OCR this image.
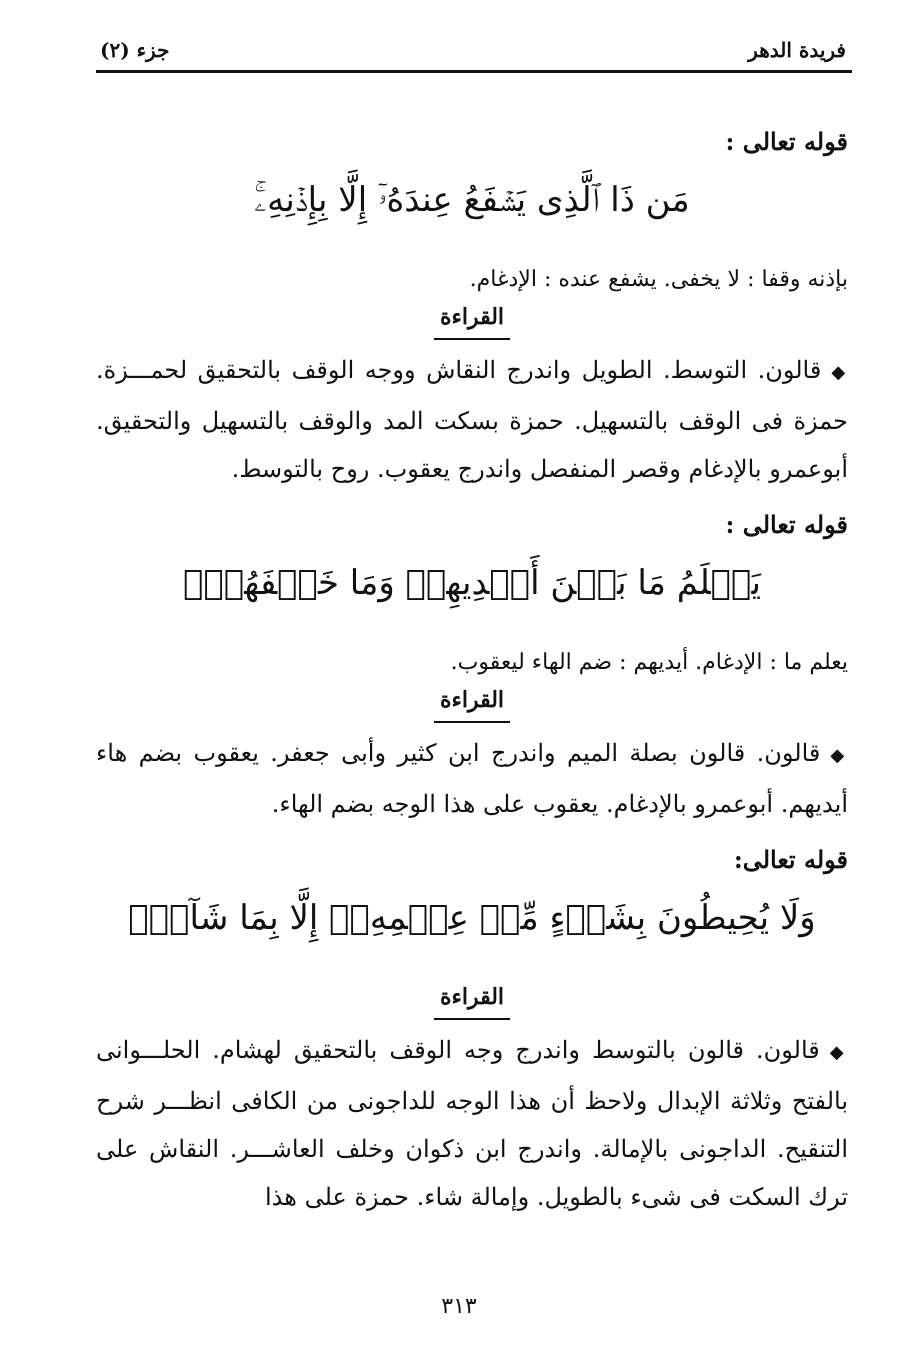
فريدة الدهر
جزء (٢)

قوله تعالى :

مَن ذَا ٱلَّذِى يَشۡفَعُ عِندَهُۥٓ إِلَّا بِإِذۡنِهِۦۚ

بإذنه وقفا : لا يخفى. يشفع عنده : الإدغام.

القراءة

◆قالون. التوسط. الطويل واندرج النقاش ووجه الوقف بالتحقيق لحمـــزة. حمزة فى الوقف بالتسهيل. حمزة بسكت المد والوقف بالتسهيل والتحقيق. أبوعمرو بالإدغام وقصر المنفصل واندرج يعقوب. روح بالتوسط.

قوله تعالى :

يَعۡلَمُ مَا بَيۡنَ أَيۡدِيهِمۡ وَمَا خَلۡفَهُمۡۖ

يعلم ما : الإدغام. أيديهم : ضم الهاء ليعقوب.

القراءة

◆قالون. قالون بصلة الميم واندرج ابن كثير وأبى جعفر. يعقوب بضم هاء أيديهم. أبوعمرو بالإدغام. يعقوب على هذا الوجه بضم الهاء.

قوله تعالى:

وَلَا يُحِيطُونَ بِشَىۡءٍ مِّنۡ عِلۡمِهِۦٓ إِلَّا بِمَا شَآءَۚ
القراءة

◆قالون. قالون بالتوسط واندرج وجه الوقف بالتحقيق لهشام. الحلـــوانى بالفتح وثلاثة الإبدال ولاحظ أن هذا الوجه للداجونى من الكافى انظـــر شرح التنقيح. الداجونى بالإمالة. واندرج ابن ذكوان وخلف العاشـــر. النقاش على ترك السكت فى شىء بالطويل. وإمالة شاء. حمزة على هذا

٣١٣
